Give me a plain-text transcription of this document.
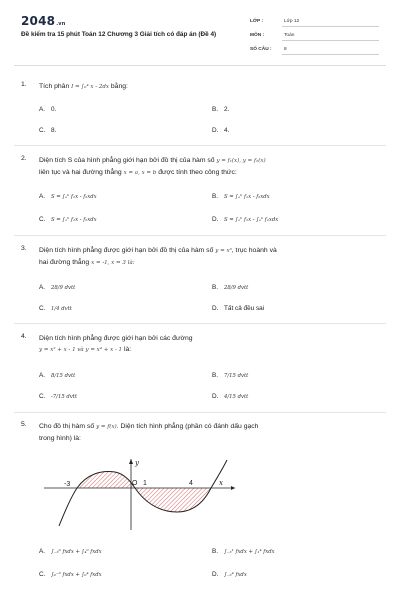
2048.vn
Đề kiểm tra 15 phút Toán 12 Chương 3 Giải tích có đáp án (Đề 4)
LỚP :	Lớp 12
MÔN :	Toán
SỐ CÂU :	8
1. Tích phân I = ∫₀⁴ x - 2dx bằng:
A. 0.	B. 2.
C. 8.	D. 4.
2. Diện tích S của hình phẳng giới hạn bởi đồ thị của hàm số y = f₁(x), y = f₂(x)
liên tục và hai đường thẳng x = a, x = b được tính theo công thức:
A. S = ∫ₐᵇ f₁x - f₂xdx	B. S = ∫ₐᵇ f₁x - f₂xdx
C. S = ∫ₐᵇ f₁x - f₂xdx	D. S = ∫ₐᵇ f₁x - ∫ₐᵇ f₂xdx
3. Diện tích hình phẳng được giới hạn bởi đồ thị của hàm số y = x³, trục hoành và
hai đường thẳng x = -1, x = 3 là:
A. 28/9 dvtt	B. 28/9 dvtt
C. 1/4 dvtt	D. Tất cả đều sai
4. Diện tích hình phẳng được giới hạn bởi các đường
y = x² + x - 1 và y = x⁴ + x - 1 là:
A. 8/15 dvtt	B. 7/15 dvtt
C. -7/15 dvtt	D. 4/15 dvtt
5. Cho đồ thị hàm số y = f(x). Diện tích hình phẳng (phần có đánh dấu gạch
trong hình) là:
-3	O 1	4	x
y
A. ∫₋₃⁰ fxdx + ∫₄⁰ fxdx	B. ∫₋₃¹ fxdx + ∫₁⁴ fxdx
C. ∫₀⁻³ fxdx + ∫₀⁴ fxdx	D. ∫₋₃⁴ fxdx
